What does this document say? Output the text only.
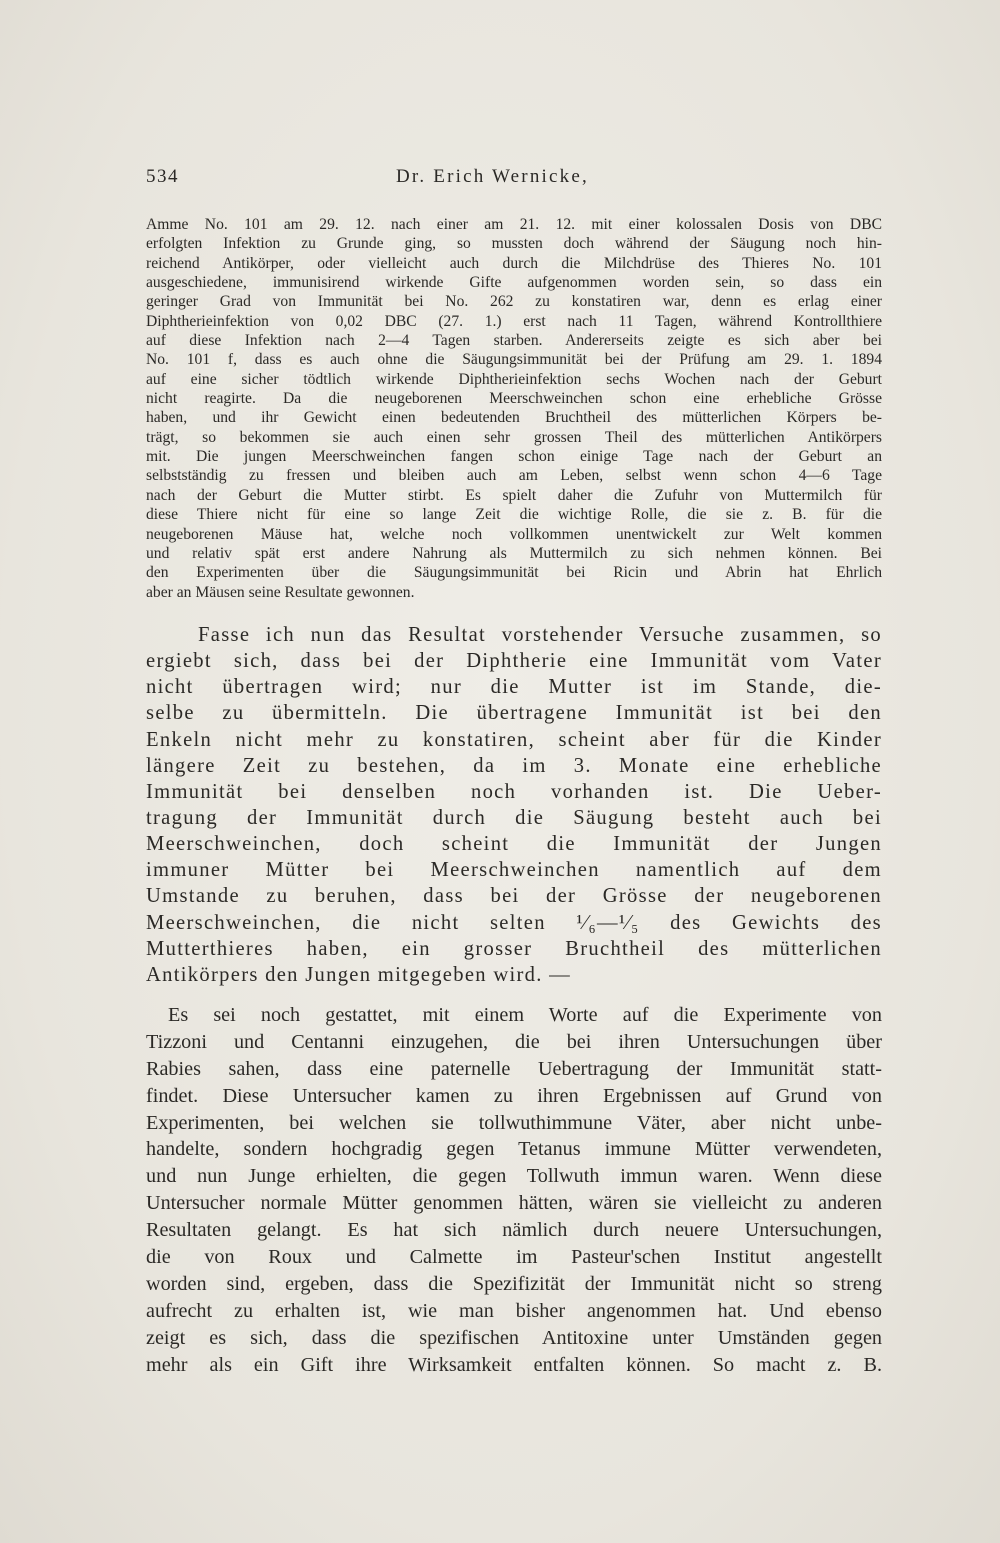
534	Dr. Erich Wernicke,
Amme No. 101 am 29. 12. nach einer am 21. 12. mit einer kolossalen Dosis von DBC
erfolgten Infektion zu Grunde ging, so mussten doch während der Säugung noch hin-
reichend Antikörper, oder vielleicht auch durch die Milchdrüse des Thieres No. 101
ausgeschiedene, immunisirend wirkende Gifte aufgenommen worden sein, so dass ein
geringer Grad von Immunität bei No. 262 zu konstatiren war, denn es erlag einer
Diphtherieinfektion von 0,02 DBC (27. 1.) erst nach 11 Tagen, während Kontrollthiere
auf diese Infektion nach 2—4 Tagen starben. Andererseits zeigte es sich aber bei
No. 101 f, dass es auch ohne die Säugungsimmunität bei der Prüfung am 29. 1. 1894
auf eine sicher tödtlich wirkende Diphtherieinfektion sechs Wochen nach der Geburt
nicht reagirte. Da die neugeborenen Meerschweinchen schon eine erhebliche Grösse
haben, und ihr Gewicht einen bedeutenden Bruchtheil des mütterlichen Körpers be-
trägt, so bekommen sie auch einen sehr grossen Theil des mütterlichen Antikörpers
mit. Die jungen Meerschweinchen fangen schon einige Tage nach der Geburt an
selbstständig zu fressen und bleiben auch am Leben, selbst wenn schon 4—6 Tage
nach der Geburt die Mutter stirbt. Es spielt daher die Zufuhr von Muttermilch für
diese Thiere nicht für eine so lange Zeit die wichtige Rolle, die sie z. B. für die
neugeborenen Mäuse hat, welche noch vollkommen unentwickelt zur Welt kommen
und relativ spät erst andere Nahrung als Muttermilch zu sich nehmen können. Bei
den Experimenten über die Säugungsimmunität bei Ricin und Abrin hat Ehrlich
aber an Mäusen seine Resultate gewonnen.
Fasse ich nun das Resultat vorstehender Versuche zusammen, so
ergiebt sich, dass bei der Diphtherie eine Immunität vom Vater
nicht übertragen wird; nur die Mutter ist im Stande, die-
selbe zu übermitteln. Die übertragene Immunität ist bei den
Enkeln nicht mehr zu konstatiren, scheint aber für die Kinder
längere Zeit zu bestehen, da im 3. Monate eine erhebliche
Immunität bei denselben noch vorhanden ist. Die Ueber-
tragung der Immunität durch die Säugung besteht auch bei
Meerschweinchen, doch scheint die Immunität der Jungen
immuner Mütter bei Meerschweinchen namentlich auf dem
Umstande zu beruhen, dass bei der Grösse der neugeborenen
Meerschweinchen, die nicht selten ¹⁄₆—¹⁄₅ des Gewichts des
Mutterthieres haben, ein grosser Bruchtheil des mütterlichen
Antikörpers den Jungen mitgegeben wird. —
Es sei noch gestattet, mit einem Worte auf die Experimente von
Tizzoni und Centanni einzugehen, die bei ihren Untersuchungen über
Rabies sahen, dass eine paternelle Uebertragung der Immunität statt-
findet. Diese Untersucher kamen zu ihren Ergebnissen auf Grund von
Experimenten, bei welchen sie tollwuthimmune Väter, aber nicht unbe-
handelte, sondern hochgradig gegen Tetanus immune Mütter verwendeten,
und nun Junge erhielten, die gegen Tollwuth immun waren. Wenn diese
Untersucher normale Mütter genommen hätten, wären sie vielleicht zu anderen
Resultaten gelangt. Es hat sich nämlich durch neuere Untersuchungen,
die von Roux und Calmette im Pasteur'schen Institut angestellt
worden sind, ergeben, dass die Spezifizität der Immunität nicht so streng
aufrecht zu erhalten ist, wie man bisher angenommen hat. Und ebenso
zeigt es sich, dass die spezifischen Antitoxine unter Umständen gegen
mehr als ein Gift ihre Wirksamkeit entfalten können. So macht z. B.
